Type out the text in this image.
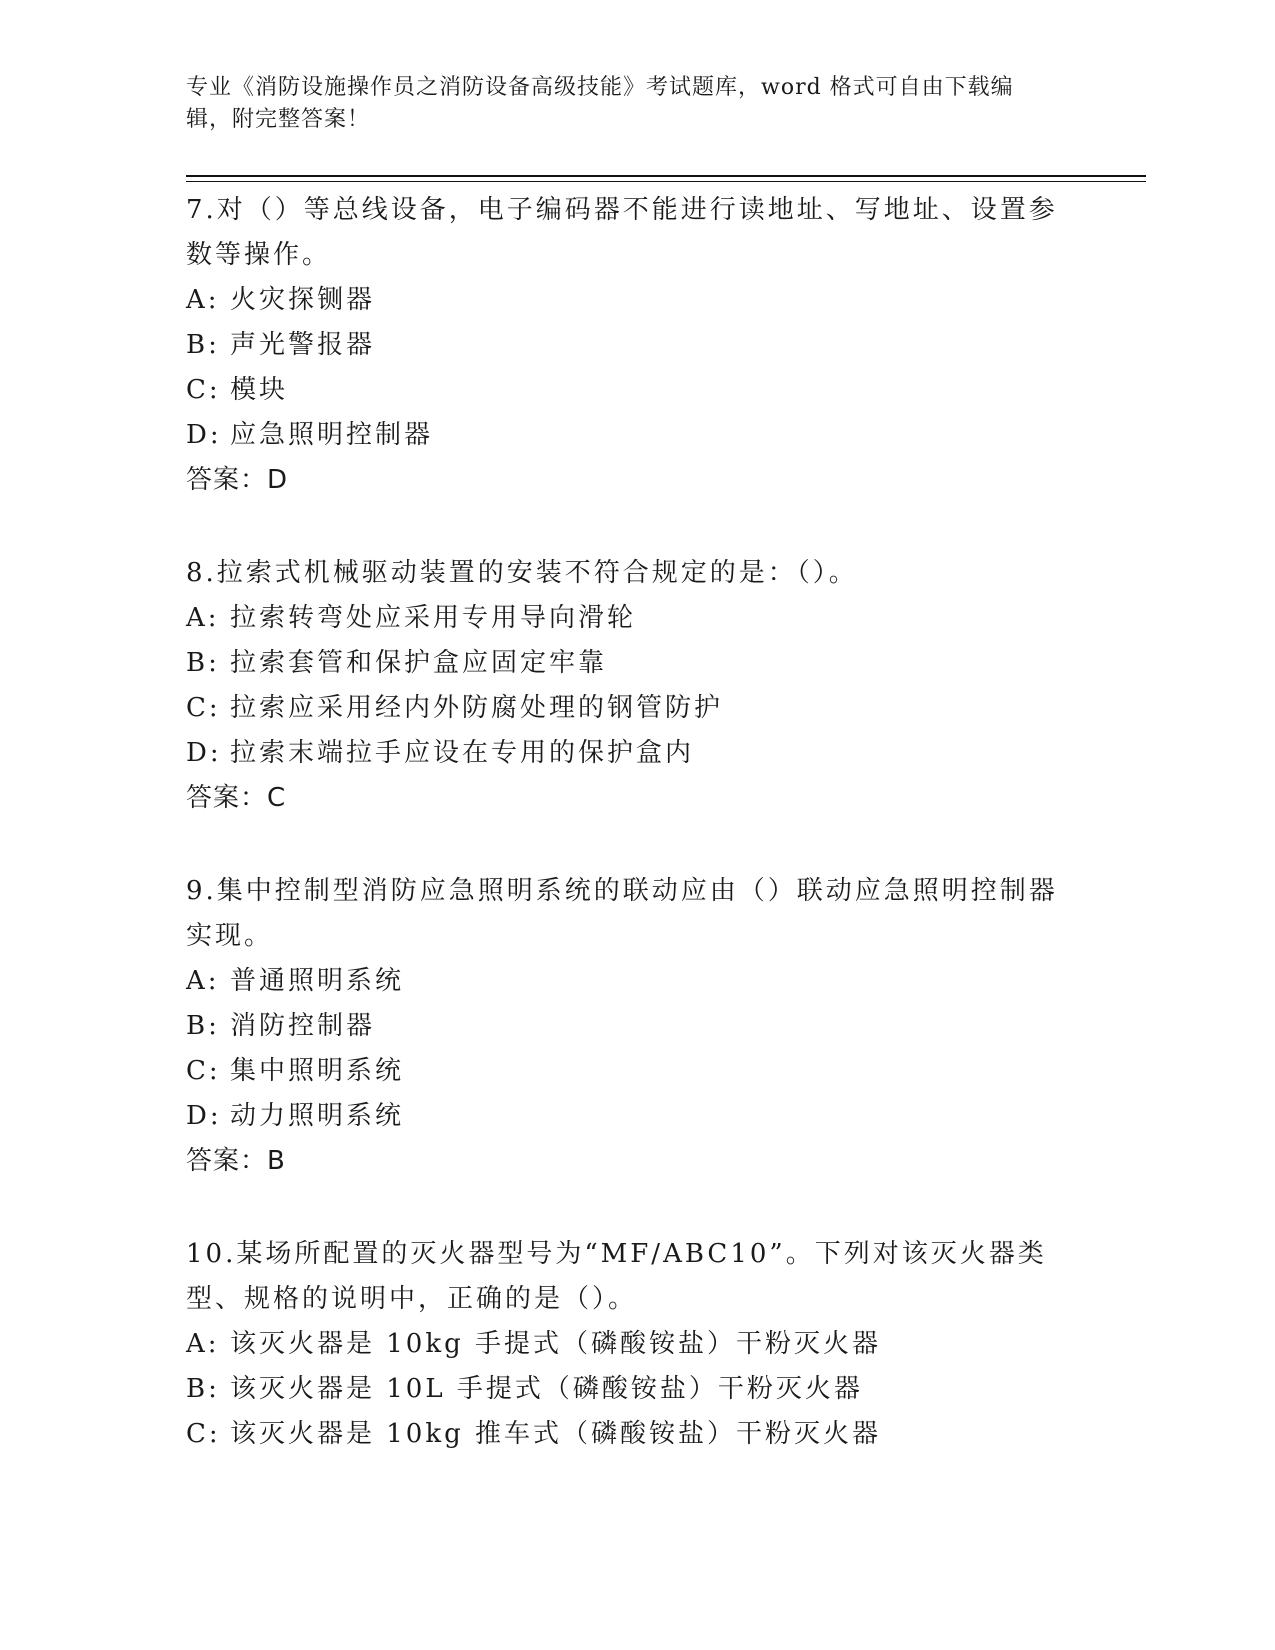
专业《消防设施操作员之消防设备高级技能》考试题库，word 格式可自由下载编
辑，附完整答案！

7.对（）等总线设备，电子编码器不能进行读地址、写地址、设置参数等操作。

A: 火灾探铡器

B: 声光警报器

C: 模块

D: 应急照明控制器

答案：D

8.拉索式机械驱动装置的安装不符合规定的是：（）。

A: 拉索转弯处应采用专用导向滑轮

B: 拉索套管和保护盒应固定牢靠

C: 拉索应采用经内外防腐处理的钢管防护

D: 拉索末端拉手应设在专用的保护盒内

答案：C

9.集中控制型消防应急照明系统的联动应由（）联动应急照明控制器实现。

A: 普通照明系统

B: 消防控制器

C: 集中照明系统

D: 动力照明系统

答案：B

10.某场所配置的灭火器型号为“MF/ABC10”。下列对该灭火器类型、规格的说明中，正确的是（）。

A: 该灭火器是 10kg 手提式（磷酸铵盐）干粉灭火器

B: 该灭火器是 10L 手提式（磷酸铵盐）干粉灭火器

C: 该灭火器是 10kg 推车式（磷酸铵盐）干粉灭火器
